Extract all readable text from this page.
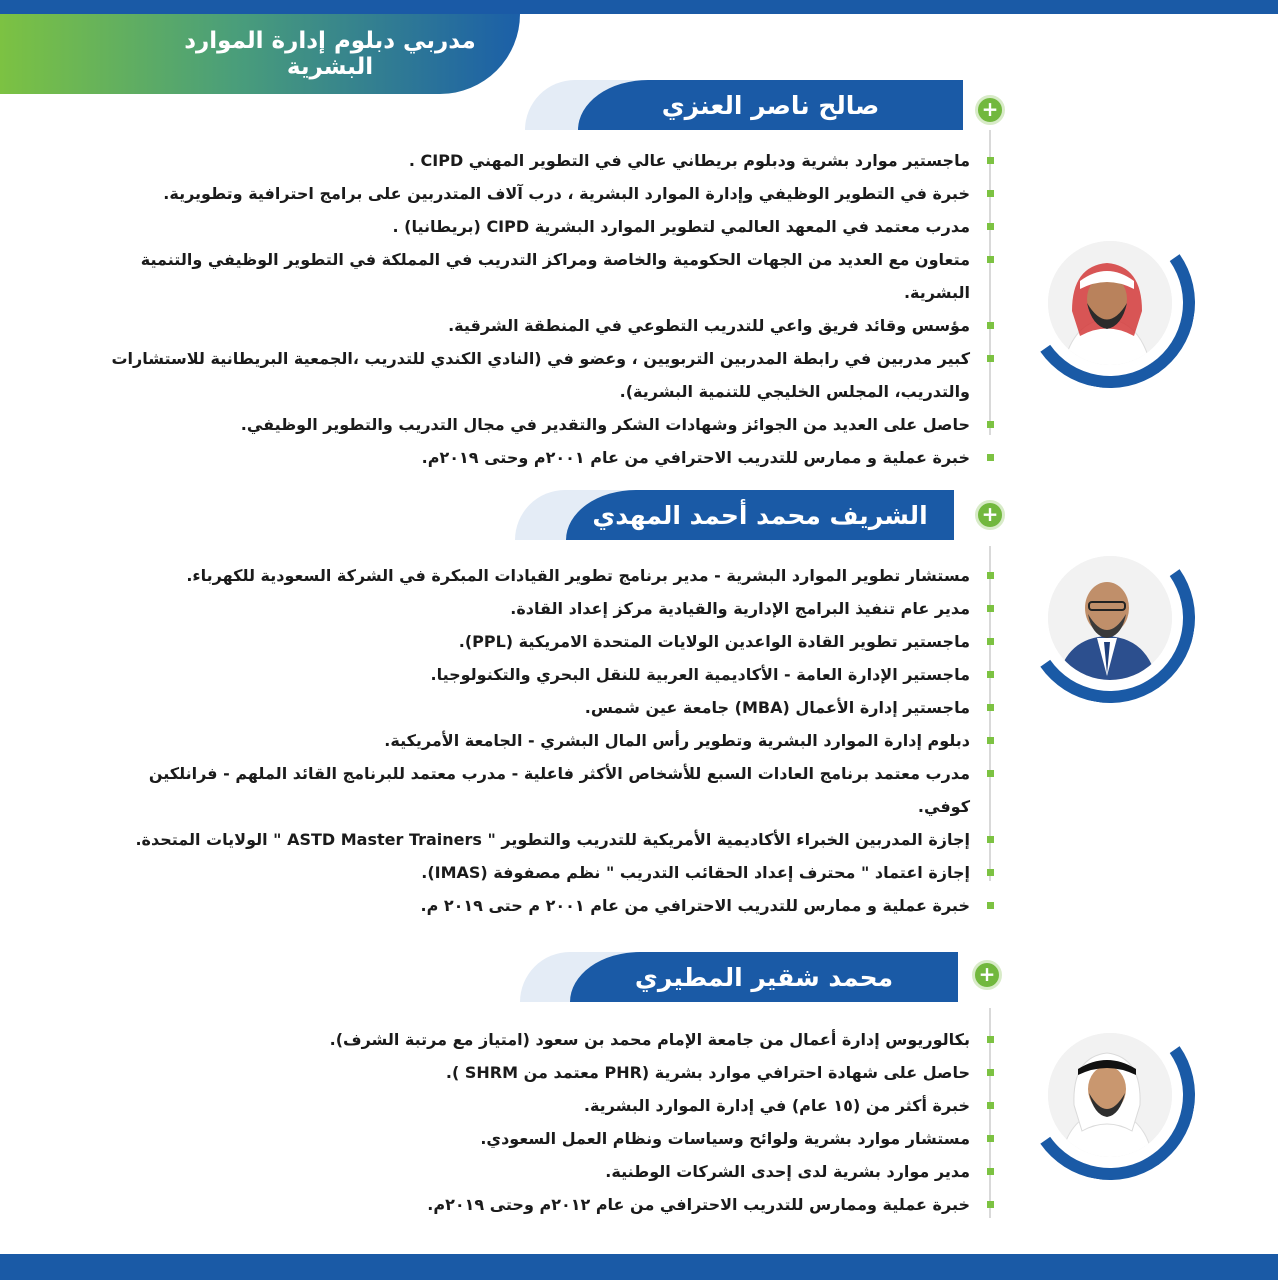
مدربي دبلوم إدارة الموارد البشرية
صالح ناصر العنزي	+
ماجستير موارد بشرية ودبلوم بريطاني عالي في التطوير المهني CIPD .
خبرة في التطوير الوظيفي وإدارة الموارد البشرية ، درب آلاف المتدربين على برامج احترافية وتطويرية.
مدرب معتمد في المعهد العالمي لتطوير الموارد البشرية CIPD (بريطانيا) .
متعاون مع العديد من الجهات الحكومية والخاصة ومراكز التدريب في المملكة في التطوير الوظيفي والتنمية البشرية.
مؤسس وقائد فريق واعي للتدريب التطوعي في المنطقة الشرقية.
كبير مدربين في رابطة المدربين التربويين ، وعضو في (النادي الكندي للتدريب ،الجمعية البريطانية للاستشارات والتدريب، المجلس الخليجي للتنمية البشرية).
حاصل على العديد من الجوائز وشهادات الشكر والتقدير في مجال التدريب والتطوير الوظيفي.
خبرة عملية و ممارس للتدريب الاحترافي من عام ٢٠٠١م وحتى ٢٠١٩م.
الشريف محمد أحمد المهدي	+
مستشار تطوير الموارد البشرية - مدير برنامج تطوير القيادات المبكرة في الشركة السعودية للكهرباء.
مدير عام تنفيذ البرامج الإدارية والقيادية مركز إعداد القادة.
ماجستير تطوير القادة الواعدين الولايات المتحدة الامريكية (PPL).
ماجستير الإدارة العامة - الأكاديمية العربية للنقل البحري والتكنولوجيا.
ماجستير إدارة الأعمال (MBA) جامعة عين شمس.
دبلوم إدارة الموارد البشرية وتطوير رأس المال البشري - الجامعة الأمريكية.
مدرب معتمد برنامج العادات السبع للأشخاص الأكثر فاعلية - مدرب معتمد للبرنامج القائد الملهم - فرانلكين كوفي.
إجازة المدربين الخبراء الأكاديمية الأمريكية للتدريب والتطوير " ASTD Master Trainers " الولايات المتحدة.
إجازة اعتماد " محترف إعداد الحقائب التدريب " نظم مصفوفة (IMAS).
خبرة عملية و ممارس للتدريب الاحترافي من عام ٢٠٠١ م حتى ٢٠١٩ م.
محمد شقير المطيري	+
بكالوريوس إدارة أعمال من جامعة الإمام محمد بن سعود (امتياز مع مرتبة الشرف).
حاصل على شهادة احترافي موارد بشرية (PHR معتمد من SHRM ).
خبرة أكثر من (١٥ عام) في إدارة الموارد البشرية.
مستشار موارد بشرية ولوائح وسياسات ونظام العمل السعودي.
مدير موارد بشرية لدى إحدى الشركات الوطنية.
خبرة عملية وممارس للتدريب الاحترافي من عام ٢٠١٢م وحتى ٢٠١٩م.
